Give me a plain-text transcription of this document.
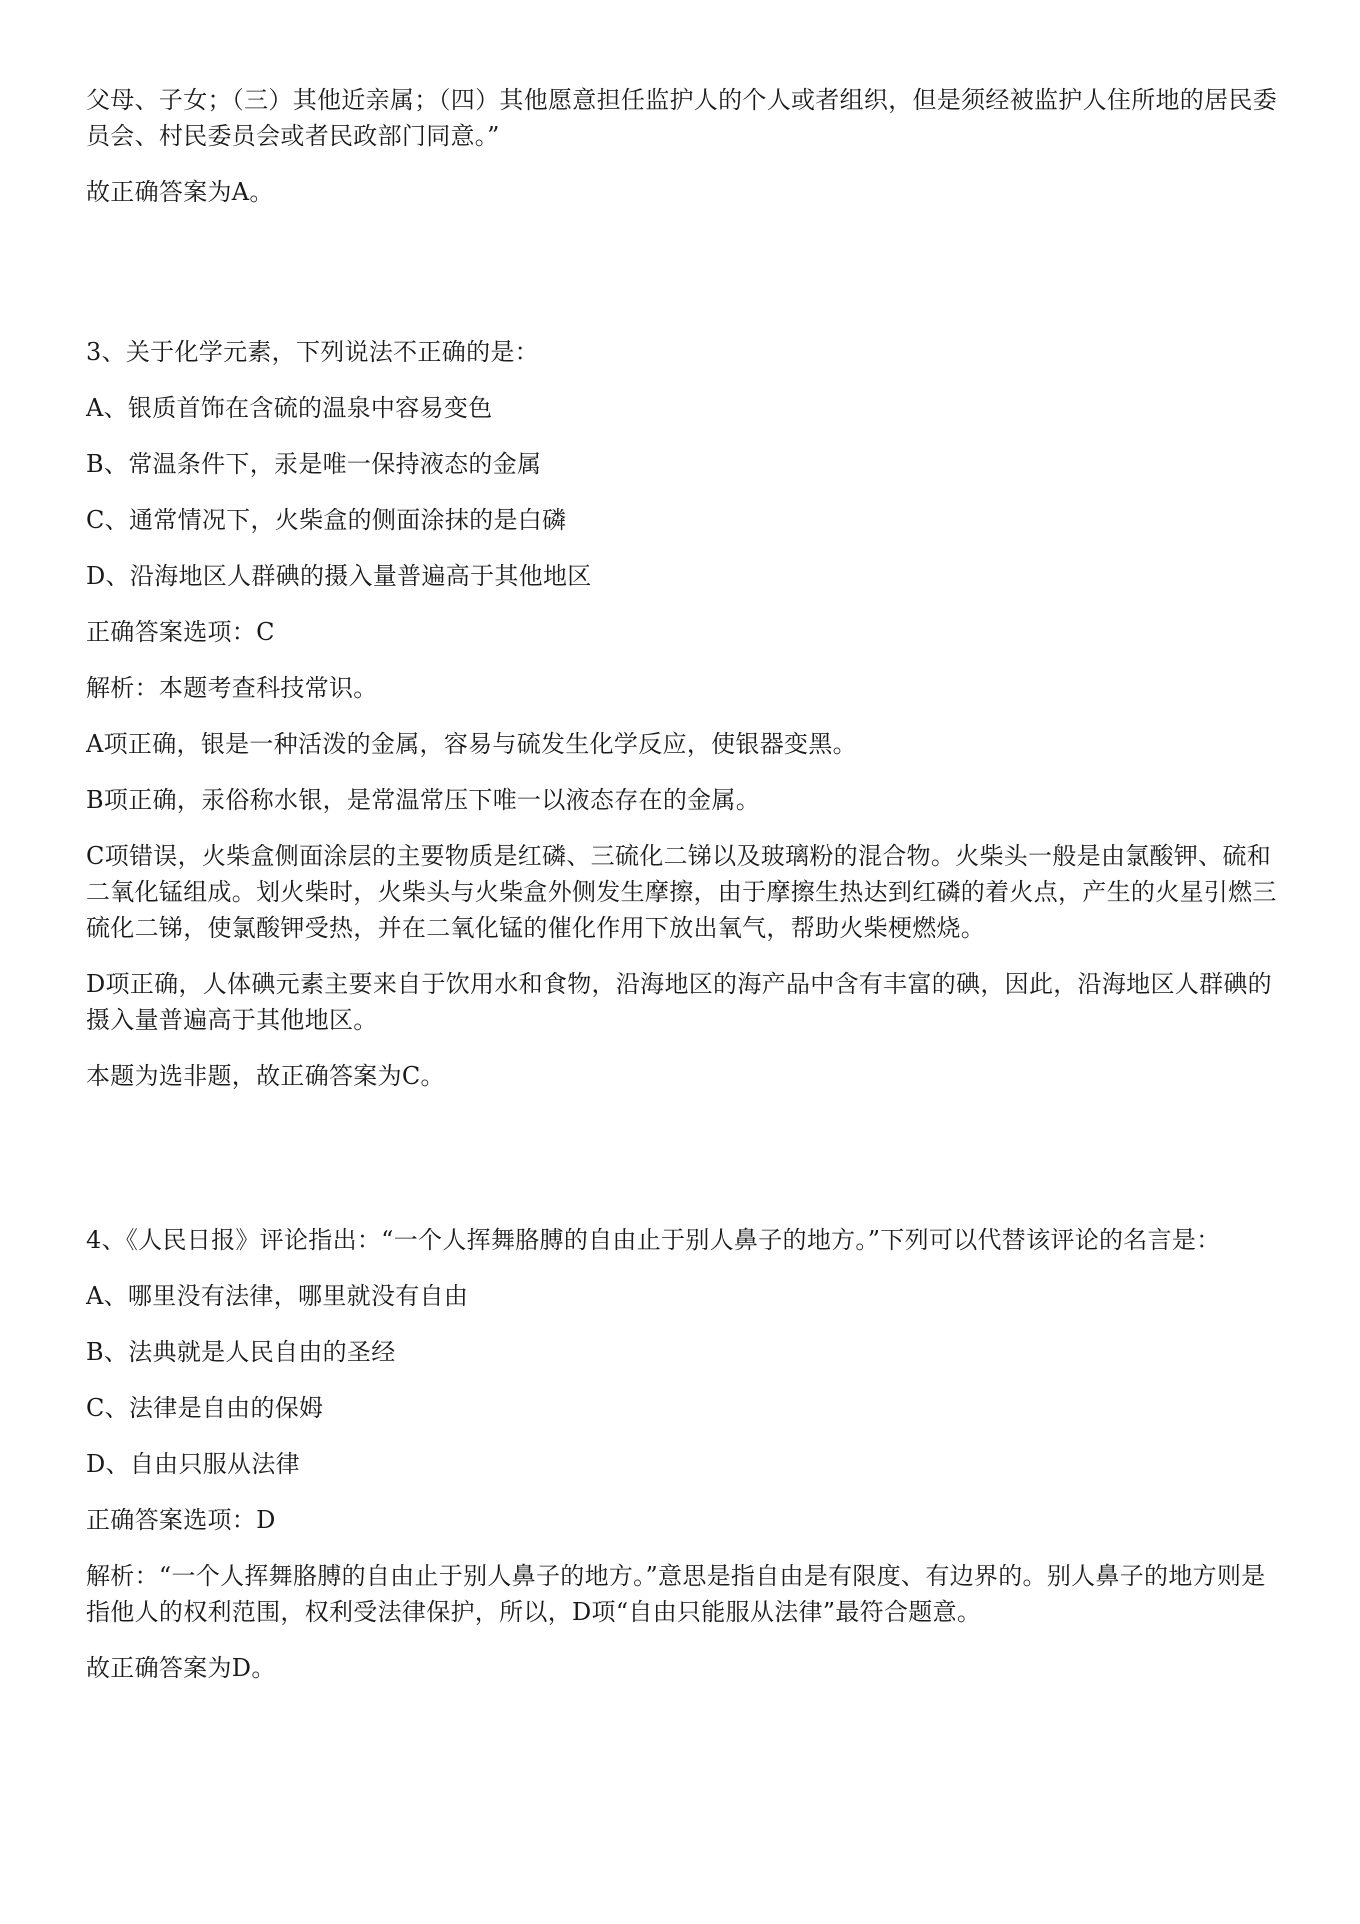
父母、子女；（三）其他近亲属；（四）其他愿意担任监护人的个人或者组织，但是须经被监护人住所地的居民委员会、村民委员会或者民政部门同意。”

故正确答案为A。

3、关于化学元素，下列说法不正确的是：

A、银质首饰在含硫的温泉中容易变色

B、常温条件下，汞是唯一保持液态的金属

C、通常情况下，火柴盒的侧面涂抹的是白磷

D、沿海地区人群碘的摄入量普遍高于其他地区

正确答案选项：C

解析：本题考查科技常识。

A项正确，银是一种活泼的金属，容易与硫发生化学反应，使银器变黑。

B项正确，汞俗称水银，是常温常压下唯一以液态存在的金属。

C项错误，火柴盒侧面涂层的主要物质是红磷、三硫化二锑以及玻璃粉的混合物。火柴头一般是由氯酸钾、硫和二氧化锰组成。划火柴时，火柴头与火柴盒外侧发生摩擦，由于摩擦生热达到红磷的着火点，产生的火星引燃三硫化二锑，使氯酸钾受热，并在二氧化锰的催化作用下放出氧气，帮助火柴梗燃烧。

D项正确，人体碘元素主要来自于饮用水和食物，沿海地区的海产品中含有丰富的碘，因此，沿海地区人群碘的摄入量普遍高于其他地区。

本题为选非题，故正确答案为C。

4、《人民日报》评论指出：“一个人挥舞胳膊的自由止于别人鼻子的地方。”下列可以代替该评论的名言是：

A、哪里没有法律，哪里就没有自由

B、法典就是人民自由的圣经

C、法律是自由的保姆

D、自由只服从法律

正确答案选项：D

解析：“一个人挥舞胳膊的自由止于别人鼻子的地方。”意思是指自由是有限度、有边界的。别人鼻子的地方则是指他人的权利范围，权利受法律保护，所以，D项“自由只能服从法律”最符合题意。

故正确答案为D。
